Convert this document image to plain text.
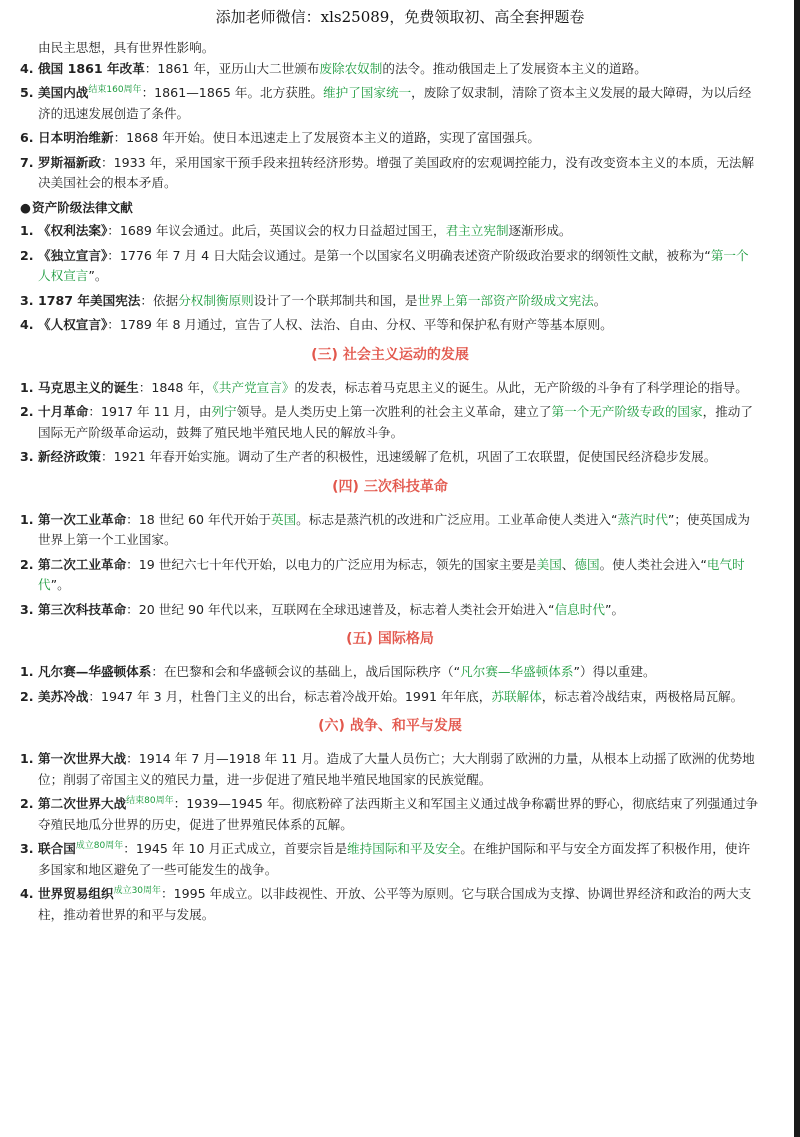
添加老师微信：xls25089，免费领取初、高全套押题卷

由民主思想，具有世界性影响。

4. 俄国 1861 年改革：1861 年，亚历山大二世颁布废除农奴制的法令。推动俄国走上了发展资本主义的道路。
5. 美国内战$^{结束160周年}$：1861—1865 年。北方获胜。维护了国家统一，废除了奴隶制，清除了资本主义发展的最大障碍，为以后经济的迅速发展创造了条件。
6. 日本明治维新：1868 年开始。使日本迅速走上了发展资本主义的道路，实现了富国强兵。
7. 罗斯福新政：1933 年，采用国家干预手段来扭转经济形势。增强了美国政府的宏观调控能力，没有改变资本主义的本质，无法解决美国社会的根本矛盾。

●资产阶级法律文献

1. 《权利法案》：1689 年议会通过。此后，英国议会的权力日益超过国王，君主立宪制逐渐形成。
2. 《独立宣言》：1776 年 7 月 4 日大陆会议通过。是第一个以国家名义明确表述资产阶级政治要求的纲领性文献，被称为“第一个人权宣言”。
3. 1787 年美国宪法：依据分权制衡原则设计了一个联邦制共和国，是世界上第一部资产阶级成文宪法。
4. 《人权宣言》：1789 年 8 月通过，宣告了人权、法治、自由、分权、平等和保护私有财产等基本原则。
(三) 社会主义运动的发展
1. 马克思主义的诞生：1848 年，《共产党宣言》的发表，标志着马克思主义的诞生。从此，无产阶级的斗争有了科学理论的指导。
2. 十月革命：1917 年 11 月，由列宁领导。是人类历史上第一次胜利的社会主义革命，建立了第一个无产阶级专政的国家，推动了国际无产阶级革命运动，鼓舞了殖民地半殖民地人民的解放斗争。
3. 新经济政策：1921 年春开始实施。调动了生产者的积极性，迅速缓解了危机，巩固了工农联盟，促使国民经济稳步发展。
(四) 三次科技革命
1. 第一次工业革命：18 世纪 60 年代开始于英国。标志是蒸汽机的改进和广泛应用。工业革命使人类进入“蒸汽时代”；使英国成为世界上第一个工业国家。
2. 第二次工业革命：19 世纪六七十年代开始，以电力的广泛应用为标志，领先的国家主要是美国、德国。使人类社会进入“电气时代”。
3. 第三次科技革命：20 世纪 90 年代以来，互联网在全球迅速普及，标志着人类社会开始进入“信息时代”。
(五) 国际格局
1. 凡尔赛—华盛顿体系：在巴黎和会和华盛顿会议的基础上，战后国际秩序（“凡尔赛—华盛顿体系”）得以重建。
2. 美苏冷战：1947 年 3 月，杜鲁门主义的出台，标志着冷战开始。1991 年年底，苏联解体，标志着冷战结束，两极格局瓦解。
(六) 战争、和平与发展
1. 第一次世界大战：1914 年 7 月—1918 年 11 月。造成了大量人员伤亡；大大削弱了欧洲的力量，从根本上动摇了欧洲的优势地位；削弱了帝国主义的殖民力量，进一步促进了殖民地半殖民地国家的民族觉醒。
2. 第二次世界大战$^{结束80周年}$：1939—1945 年。彻底粉碎了法西斯主义和军国主义通过战争称霸世界的野心，彻底结束了列强通过争夺殖民地瓜分世界的历史，促进了世界殖民体系的瓦解。
3. 联合国$^{成立80周年}$：1945 年 10 月正式成立，首要宗旨是维持国际和平及安全。在维护国际和平与安全方面发挥了积极作用，使许多国家和地区避免了一些可能发生的战争。
4. 世界贸易组织$^{成立30周年}$：1995 年成立。以非歧视性、开放、公平等为原则。它与联合国成为支撑、协调世界经济和政治的两大支柱，推动着世界的和平与发展。
